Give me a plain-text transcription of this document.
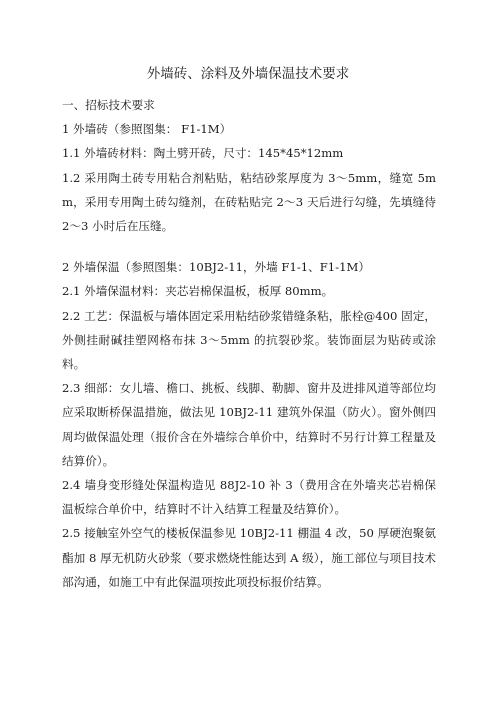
外墙砖、涂料及外墙保温技术要求

一、招标技术要求

1 外墙砖（参照图集： F1-1M）

1.1 外墙砖材料：陶土劈开砖，尺寸：145*45*12mm

1.2 采用陶土砖专用粘合剂粘贴，粘结砂浆厚度为 3～5mm，缝宽 5mm，采用专用陶土砖勾缝剂，在砖粘贴完 2～3 天后进行勾缝，先填缝待 2～3 小时后在压缝。

2 外墙保温（参照图集：10BJ2-11，外墙 F1-1、F1-1M）

2.1 外墙保温材料：夹芯岩棉保温板，板厚 80mm。

2.2 工艺：保温板与墙体固定采用粘结砂浆错缝条粘，胀栓@400 固定，外侧挂耐碱挂塑网格布抹 3～5mm 的抗裂砂浆。装饰面层为贴砖或涂料。

2.3 细部：女儿墙、檐口、挑板、线脚、勒脚、窗井及进排风道等部位均应采取断桥保温措施，做法见 10BJ2-11 建筑外保温（防火）。窗外侧四周均做保温处理（报价含在外墙综合单价中，结算时不另行计算工程量及结算价）。

2.4 墙身变形缝处保温构造见 88J2-10 补 3（费用含在外墙夹芯岩棉保温板综合单价中，结算时不计入结算工程量及结算价）。

2.5 接触室外空气的楼板保温参见 10BJ2-11 棚温 4 改，50 厚硬泡聚氨酯加 8 厚无机防火砂浆（要求燃烧性能达到 A 级），施工部位与项目技术部沟通，如施工中有此保温项按此项投标报价结算。
